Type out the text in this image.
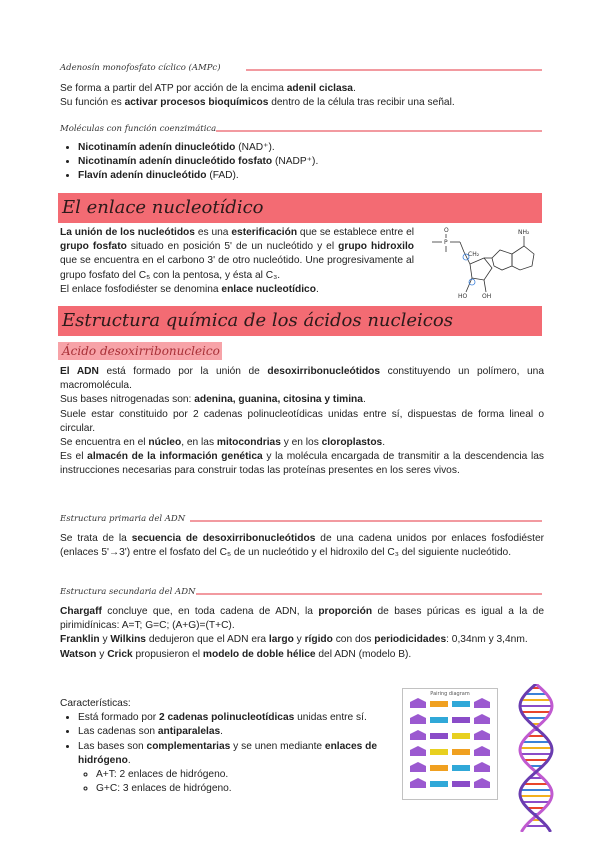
Adenosín monofosfato cíclico (AMPc)

Se forma a partir del ATP por acción de la encima adenil ciclasa.

Su función es activar procesos bioquímicos dentro de la célula tras recibir una señal.

Moléculas con función coenzimática
• Nicotinamín adenín dinucleótido (NAD⁺).
• Nicotinamín adenín dinucleótido fosfato (NADP⁺).
• Flavín adenín dinucleótido (FAD).
El enlace nucleotídico

La unión de los nucleótidos es una esterificación que se establece entre el grupo fosfato situado en posición 5' de un nucleótido y el grupo hidroxilo que se encuentra en el carbono 3' de otro nucleótido. Une progresivamente al grupo fosfato del C₅ con la pentosa, y ésta al C₃.

El enlace fosfodiéster se denomina enlace nucleotídico.

P
O
CH₂
NH₂
HO OH
Estructura química de los ácidos nucleicos
Ácido desoxirribonucleico

El ADN está formado por la unión de desoxirribonucleótidos constituyendo un polímero, una macromolécula.

Sus bases nitrogenadas son: adenina, guanina, citosina y timina.

Suele estar constituido por 2 cadenas polinucleotídicas unidas entre sí, dispuestas de forma lineal o circular.

Se encuentra en el núcleo, en las mitocondrias y en los cloroplastos.

Es el almacén de la información genética y la molécula encargada de transmitir a la descendencia las instrucciones necesarias para construir todas las proteínas presentes en los seres vivos.

Estructura primaria del ADN

Se trata de la secuencia de desoxirribonucleótidos de una cadena unidos por enlaces fosfodiéster (enlaces 5'→3') entre el fosfato del C₅ de un nucleótido y el hidroxilo del C₃ del siguiente nucleótido.

Estructura secundaria del ADN

Chargaff concluye que, en toda cadena de ADN, la proporción de bases púricas es igual a la de pirimidínicas: A=T; G=C; (A+G)=(T+C).

Franklin y Wilkins dedujeron que el ADN era largo y rígido con dos periodicidades: 0,34nm y 3,4nm.

Watson y Crick propusieron el modelo de doble hélice del ADN (modelo B).

Características:

• Está formado por 2 cadenas polinucleotídicas unidas entre sí.
• Las cadenas son antiparalelas.
• Las bases son complementarias y se unen mediante enlaces de hidrógeno.
◦ A+T: 2 enlaces de hidrógeno.
◦ G+C: 3 enlaces de hidrógeno.
Pairing diagram
